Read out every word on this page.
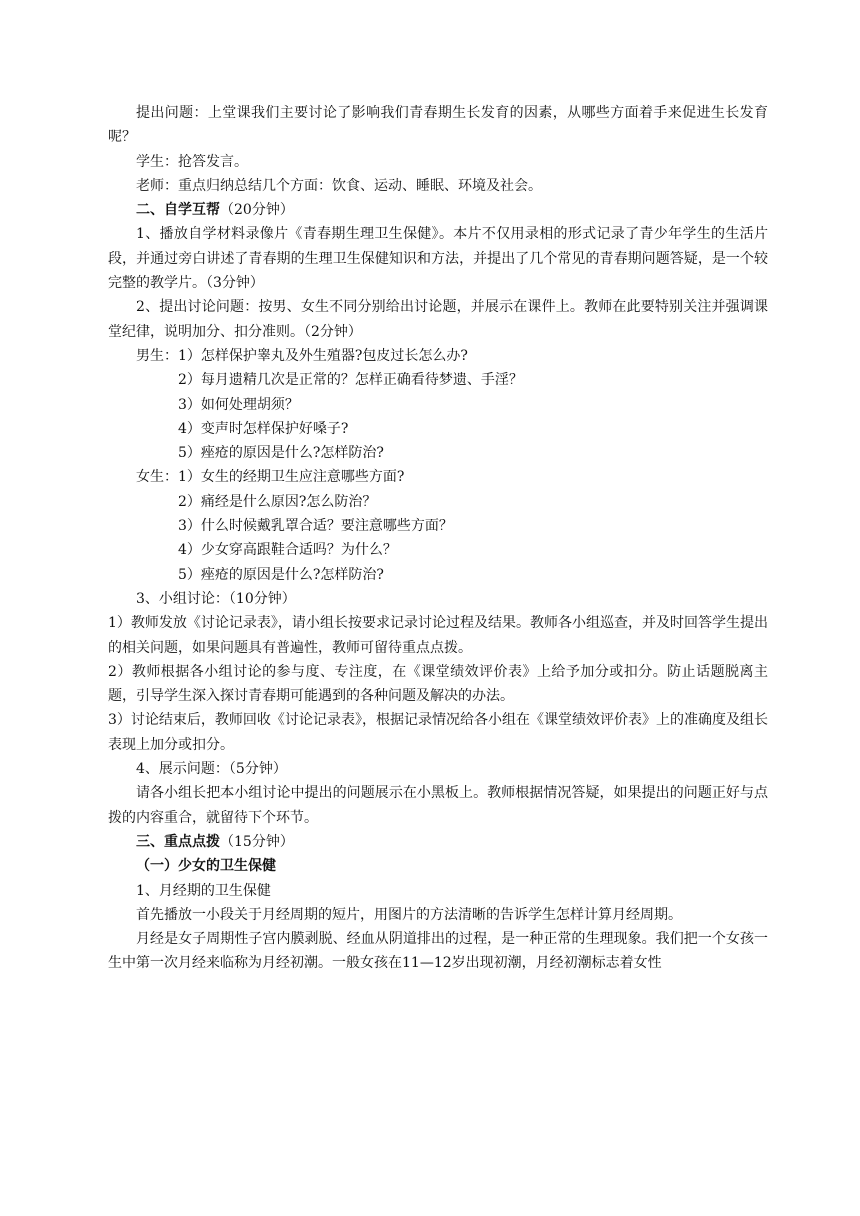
提出问题：上堂课我们主要讨论了影响我们青春期生长发育的因素，从哪些方面着手来促进生长发育呢？

学生：抢答发言。

老师：重点归纳总结几个方面：饮食、运动、睡眠、环境及社会。

二、自学互帮（20分钟）

1、播放自学材料录像片《青春期生理卫生保健》。本片不仅用录相的形式记录了青少年学生的生活片段，并通过旁白讲述了青春期的生理卫生保健知识和方法，并提出了几个常见的青春期问题答疑，是一个较完整的教学片。（3分钟）

2、提出讨论问题：按男、女生不同分别给出讨论题，并展示在课件上。教师在此要特别关注并强调课堂纪律，说明加分、扣分准则。（2分钟）

男生：1）怎样保护睾丸及外生殖器?包皮过长怎么办?

2）每月遗精几次是正常的？怎样正确看待梦遗、手淫？

3）如何处理胡须？

4）变声时怎样保护好嗓子?

5）痤疮的原因是什么?怎样防治?

女生：1）女生的经期卫生应注意哪些方面?

2）痛经是什么原因?怎么防治？

3）什么时候戴乳罩合适？要注意哪些方面？

4）少女穿高跟鞋合适吗？为什么？

5）痤疮的原因是什么?怎样防治?

3、小组讨论：（10分钟）

1）教师发放《讨论记录表》，请小组长按要求记录讨论过程及结果。教师各小组巡查，并及时回答学生提出的相关问题，如果问题具有普遍性，教师可留待重点点拨。

2）教师根据各小组讨论的参与度、专注度，在《课堂绩效评价表》上给予加分或扣分。防止话题脱离主题，引导学生深入探讨青春期可能遇到的各种问题及解决的办法。

3）讨论结束后，教师回收《讨论记录表》，根据记录情况给各小组在《课堂绩效评价表》上的准确度及组长表现上加分或扣分。

4、展示问题：（5分钟）

请各小组长把本小组讨论中提出的问题展示在小黑板上。教师根据情况答疑，如果提出的问题正好与点拨的内容重合，就留待下个环节。

三、重点点拨（15分钟）

（一）少女的卫生保健

1、月经期的卫生保健

首先播放一小段关于月经周期的短片，用图片的方法清晰的告诉学生怎样计算月经周期。

月经是女子周期性子宫内膜剥脱、经血从阴道排出的过程，是一种正常的生理现象。我们把一个女孩一生中第一次月经来临称为月经初潮。一般女孩在11—12岁出现初潮，月经初潮标志着女性
